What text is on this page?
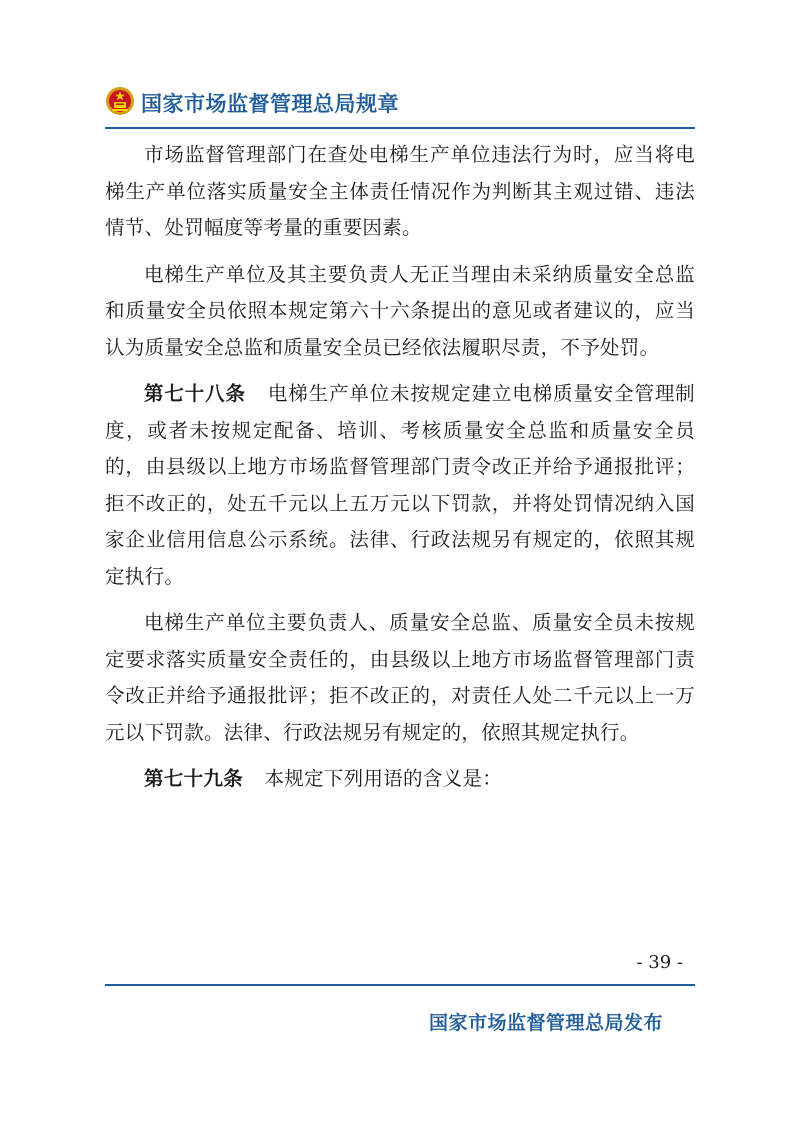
国家市场监督管理总局规章

市场监督管理部门在查处电梯生产单位违法行为时，应当将电梯生产单位落实质量安全主体责任情况作为判断其主观过错、违法情节、处罚幅度等考量的重要因素。

电梯生产单位及其主要负责人无正当理由未采纳质量安全总监和质量安全员依照本规定第六十六条提出的意见或者建议的，应当认为质量安全总监和质量安全员已经依法履职尽责，不予处罚。

第七十八条 电梯生产单位未按规定建立电梯质量安全管理制度，或者未按规定配备、培训、考核质量安全总监和质量安全员的，由县级以上地方市场监督管理部门责令改正并给予通报批评；拒不改正的，处五千元以上五万元以下罚款，并将处罚情况纳入国家企业信用信息公示系统。法律、行政法规另有规定的，依照其规定执行。

电梯生产单位主要负责人、质量安全总监、质量安全员未按规定要求落实质量安全责任的，由县级以上地方市场监督管理部门责令改正并给予通报批评；拒不改正的，对责任人处二千元以上一万元以下罚款。法律、行政法规另有规定的，依照其规定执行。

第七十九条 本规定下列用语的含义是：

- 39 -
国家市场监督管理总局发布
